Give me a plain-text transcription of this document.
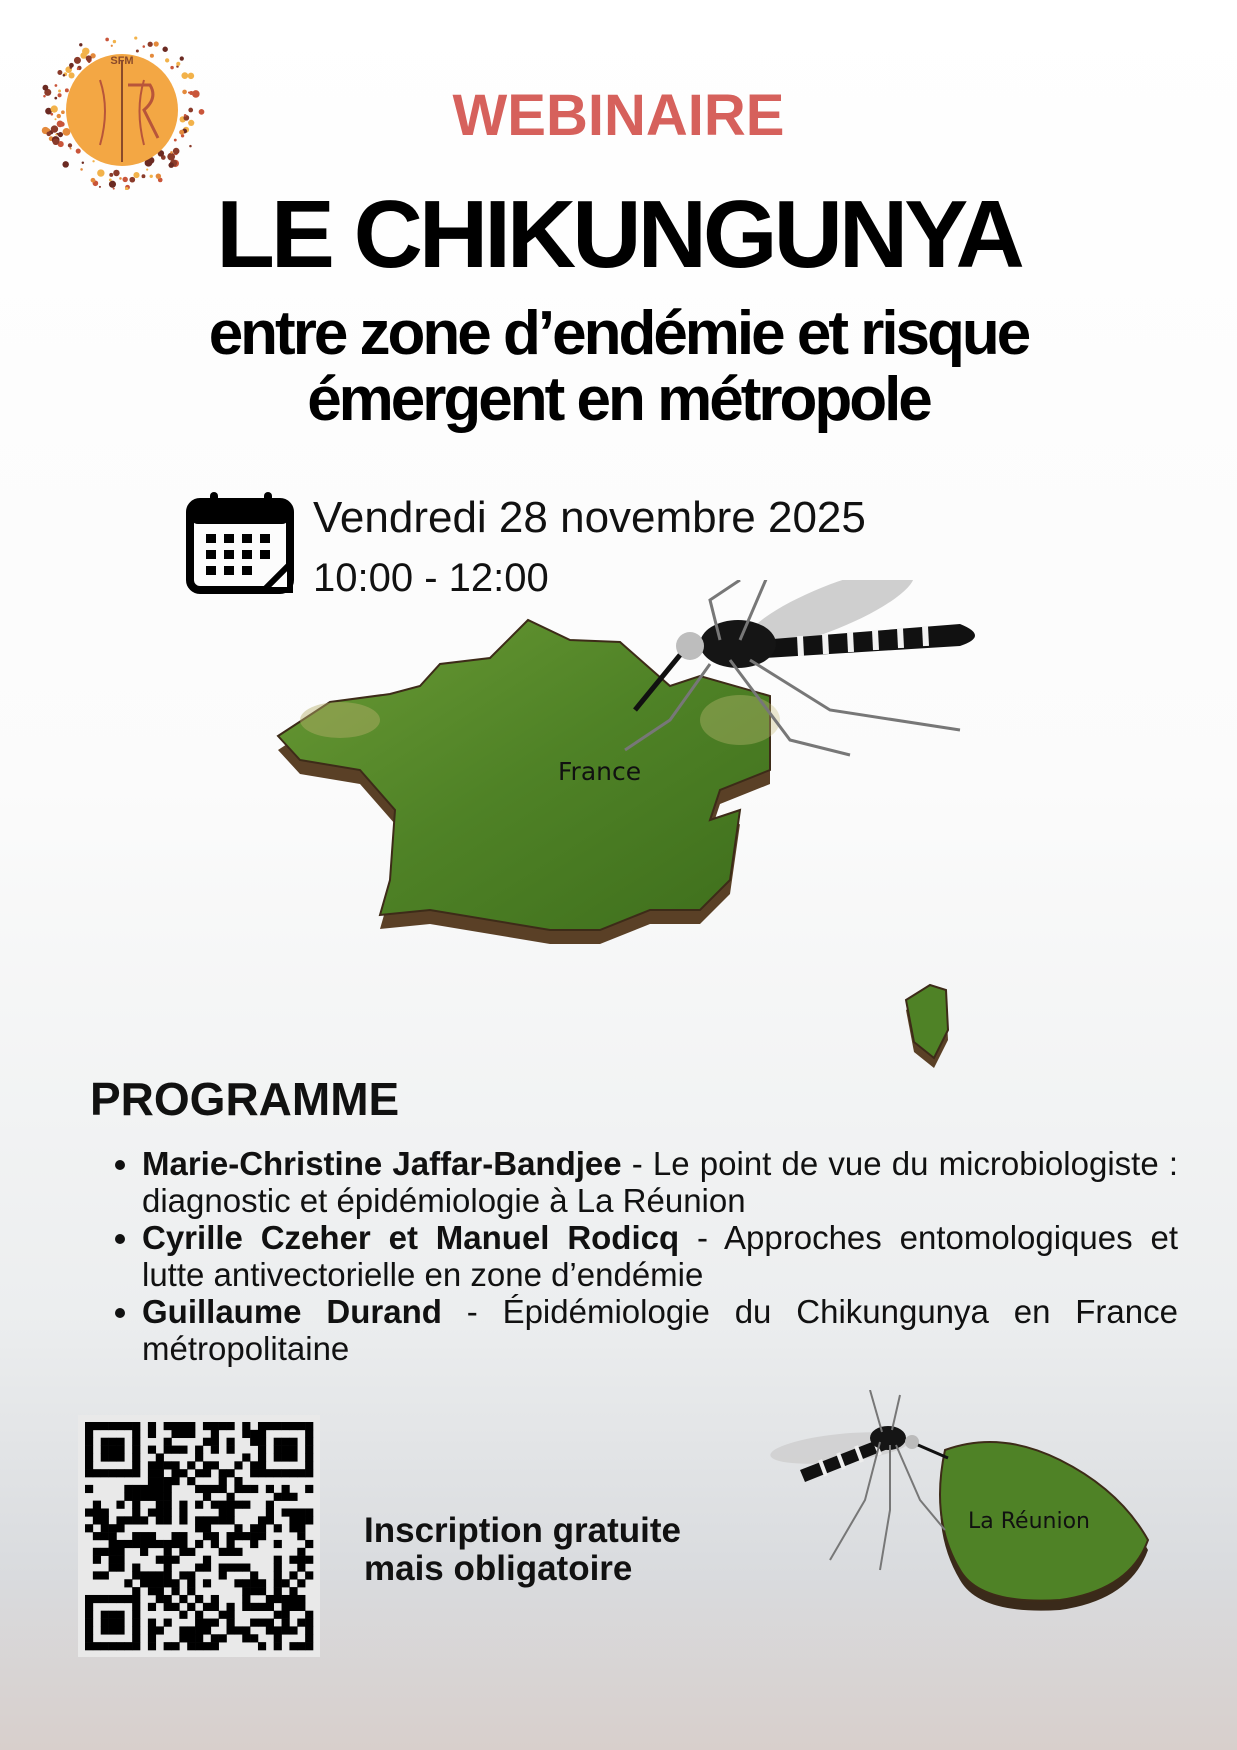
SFM
WEBINAIRE
LE CHIKUNGUNYA
entre zone d’endémie et risque
émergent en métropole
Vendredi 28 novembre 2025
10:00 - 12:00
France
PROGRAMME
• Marie-Christine Jaffar-Bandjee - Le point de vue du microbiologiste : diagnostic et épidémiologie à La Réunion
• Cyrille Czeher et Manuel Rodicq - Approches entomologiques et lutte antivectorielle en zone d’endémie
• Guillaume Durand - Épidémiologie du Chikungunya en France métropolitaine
Inscription gratuite
mais obligatoire
La Réunion
